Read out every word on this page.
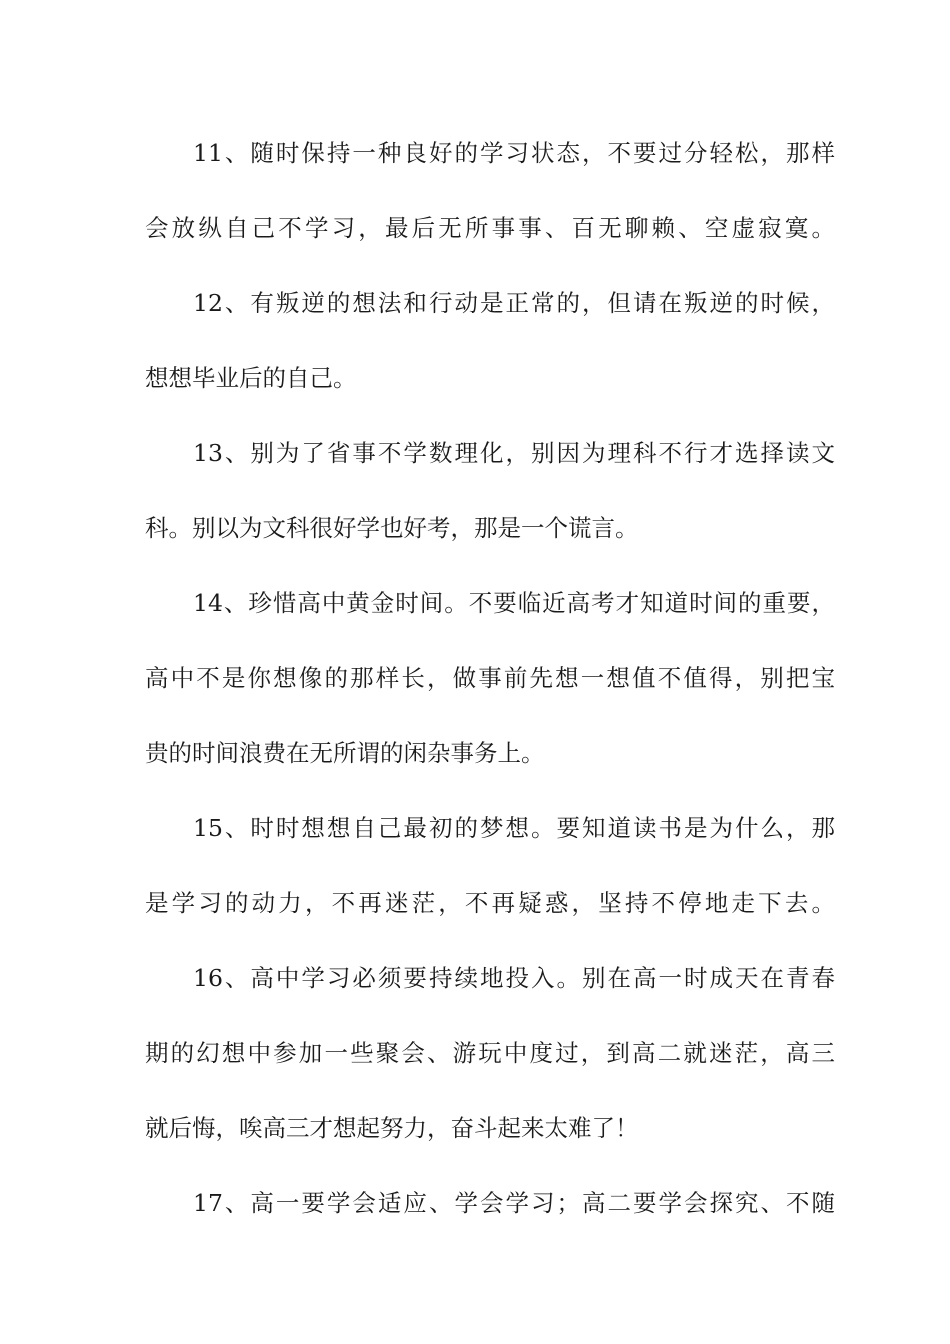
11、随时保持一种良好的学习状态，不要过分轻松，那样

会放纵自己不学习，最后无所事事、百无聊赖、空虚寂寞。

12、有叛逆的想法和行动是正常的，但请在叛逆的时候，

想想毕业后的自己。

13、别为了省事不学数理化，别因为理科不行才选择读文

科。别以为文科很好学也好考，那是一个谎言。

14、珍惜高中黄金时间。不要临近高考才知道时间的重要，

高中不是你想像的那样长，做事前先想一想值不值得，别把宝

贵的时间浪费在无所谓的闲杂事务上。

15、时时想想自己最初的梦想。要知道读书是为什么，那

是学习的动力，不再迷茫，不再疑惑，坚持不停地走下去。

16、高中学习必须要持续地投入。别在高一时成天在青春

期的幻想中参加一些聚会、游玩中度过，到高二就迷茫，高三

就后悔，唉高三才想起努力，奋斗起来太难了！

17、高一要学会适应、学会学习；高二要学会探究、不随
